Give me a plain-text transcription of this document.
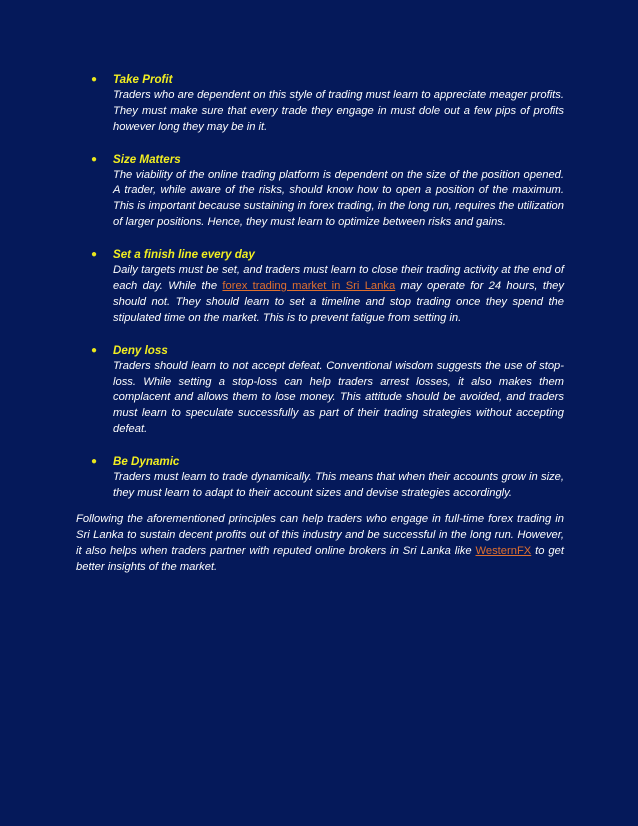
● Take Profit
Traders who are dependent on this style of trading must learn to appreciate meager profits. They must make sure that every trade they engage in must dole out a few pips of profits however long they may be in it.
● Size Matters
The viability of the online trading platform is dependent on the size of the position opened. A trader, while aware of the risks, should know how to open a position of the maximum. This is important because sustaining in forex trading, in the long run, requires the utilization of larger positions. Hence, they must learn to optimize between risks and gains.
● Set a finish line every day
Daily targets must be set, and traders must learn to close their trading activity at the end of each day. While the forex trading market in Sri Lanka may operate for 24 hours, they should not. They should learn to set a timeline and stop trading once they spend the stipulated time on the market. This is to prevent fatigue from setting in.
● Deny loss
Traders should learn to not accept defeat. Conventional wisdom suggests the use of stop-loss. While setting a stop-loss can help traders arrest losses, it also makes them complacent and allows them to lose money. This attitude should be avoided, and traders must learn to speculate successfully as part of their trading strategies without accepting defeat.
● Be Dynamic
Traders must learn to trade dynamically. This means that when their accounts grow in size, they must learn to adapt to their account sizes and devise strategies accordingly.

Following the aforementioned principles can help traders who engage in full-time forex trading in Sri Lanka to sustain decent profits out of this industry and be successful in the long run. However, it also helps when traders partner with reputed online brokers in Sri Lanka like WesternFX to get better insights of the market.
